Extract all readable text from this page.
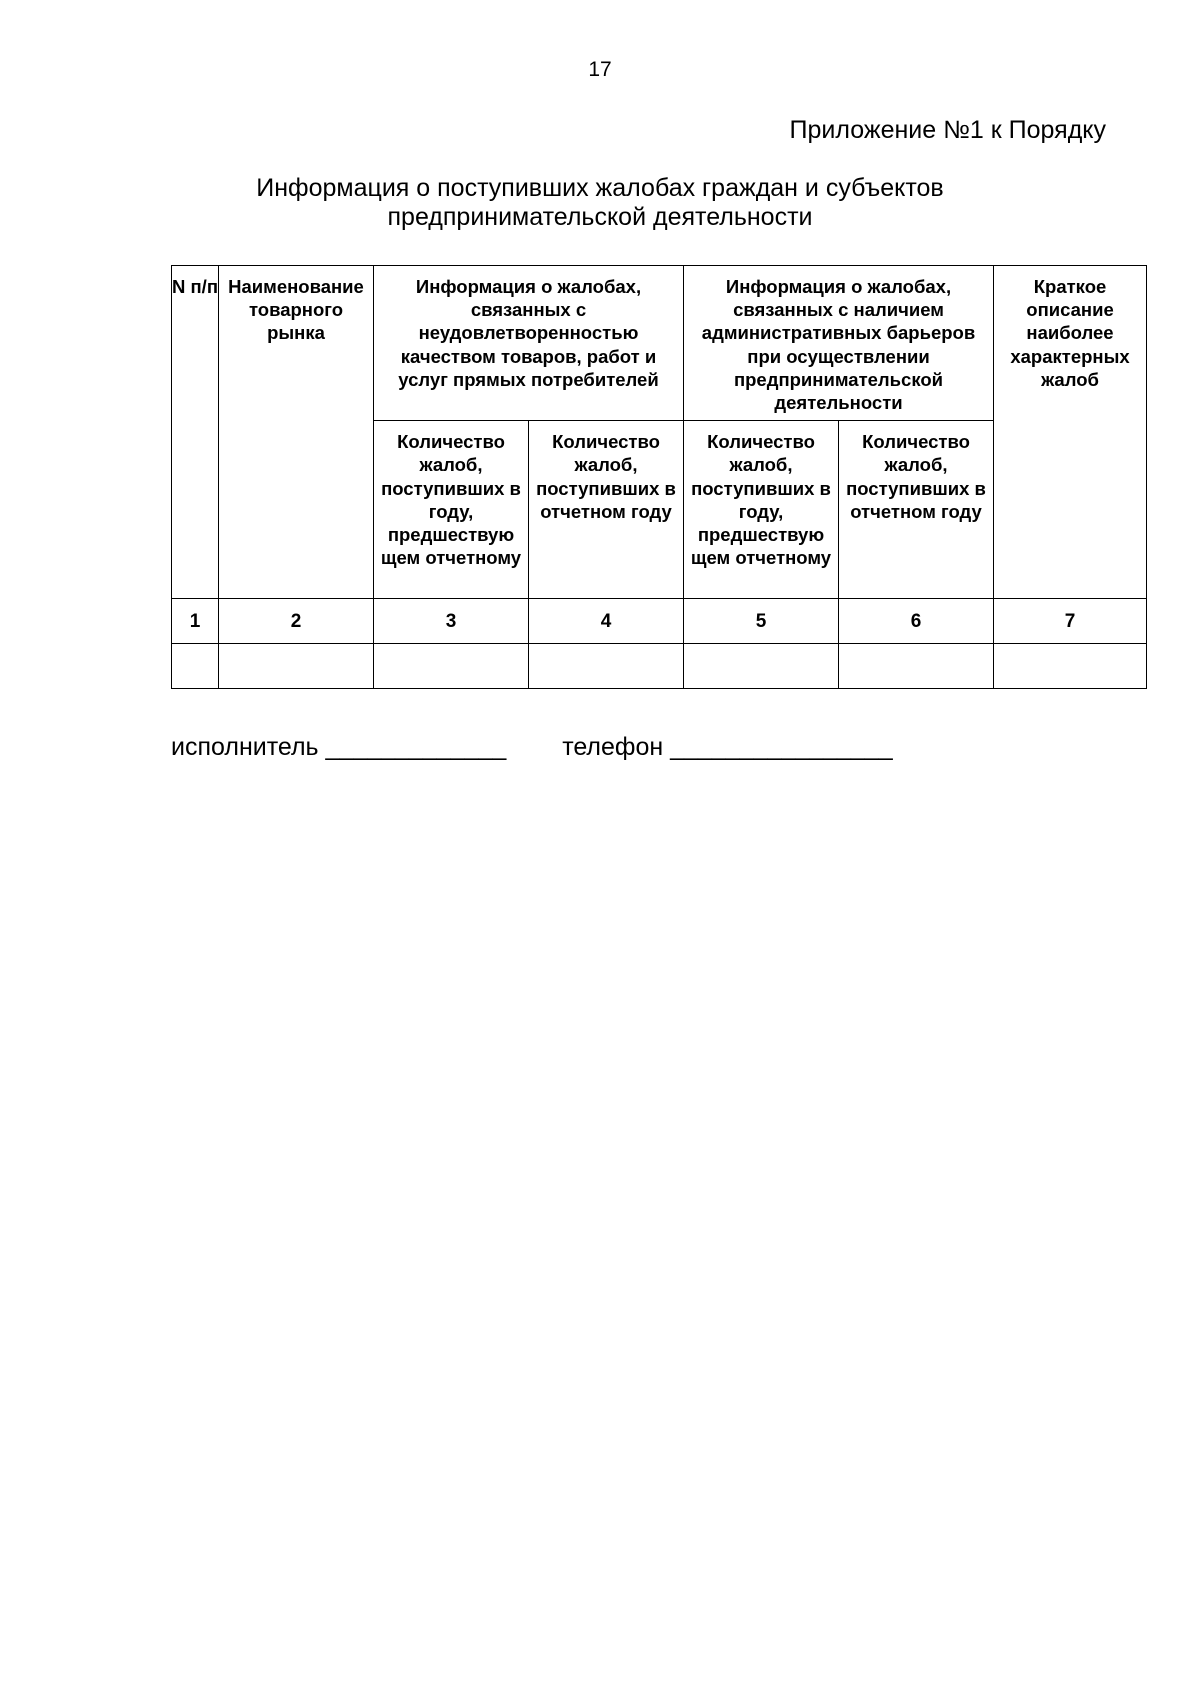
17
Приложение №1 к Порядку
Информация о поступивших жалобах граждан и субъектов
предпринимательской деятельности
N п/п	Наименование товарного рынка	Информация о жалобах, связанных с неудовлетворенностью качеством товаров, работ и услуг прямых потребителей		Информация о жалобах, связанных с наличием административных барьеров при осуществлении предпринимательской деятельности		Краткое описание наиболее характерных жалоб
		Количество жалоб, поступивших в году, предшествую щем отчетному	Количество жалоб, поступивших в отчетном году	Количество жалоб, поступивших в году, предшествую щем отчетному	Количество жалоб, поступивших в отчетном году	
1	2	3	4	5	6	7

исполнитель _____________ телефон ________________
